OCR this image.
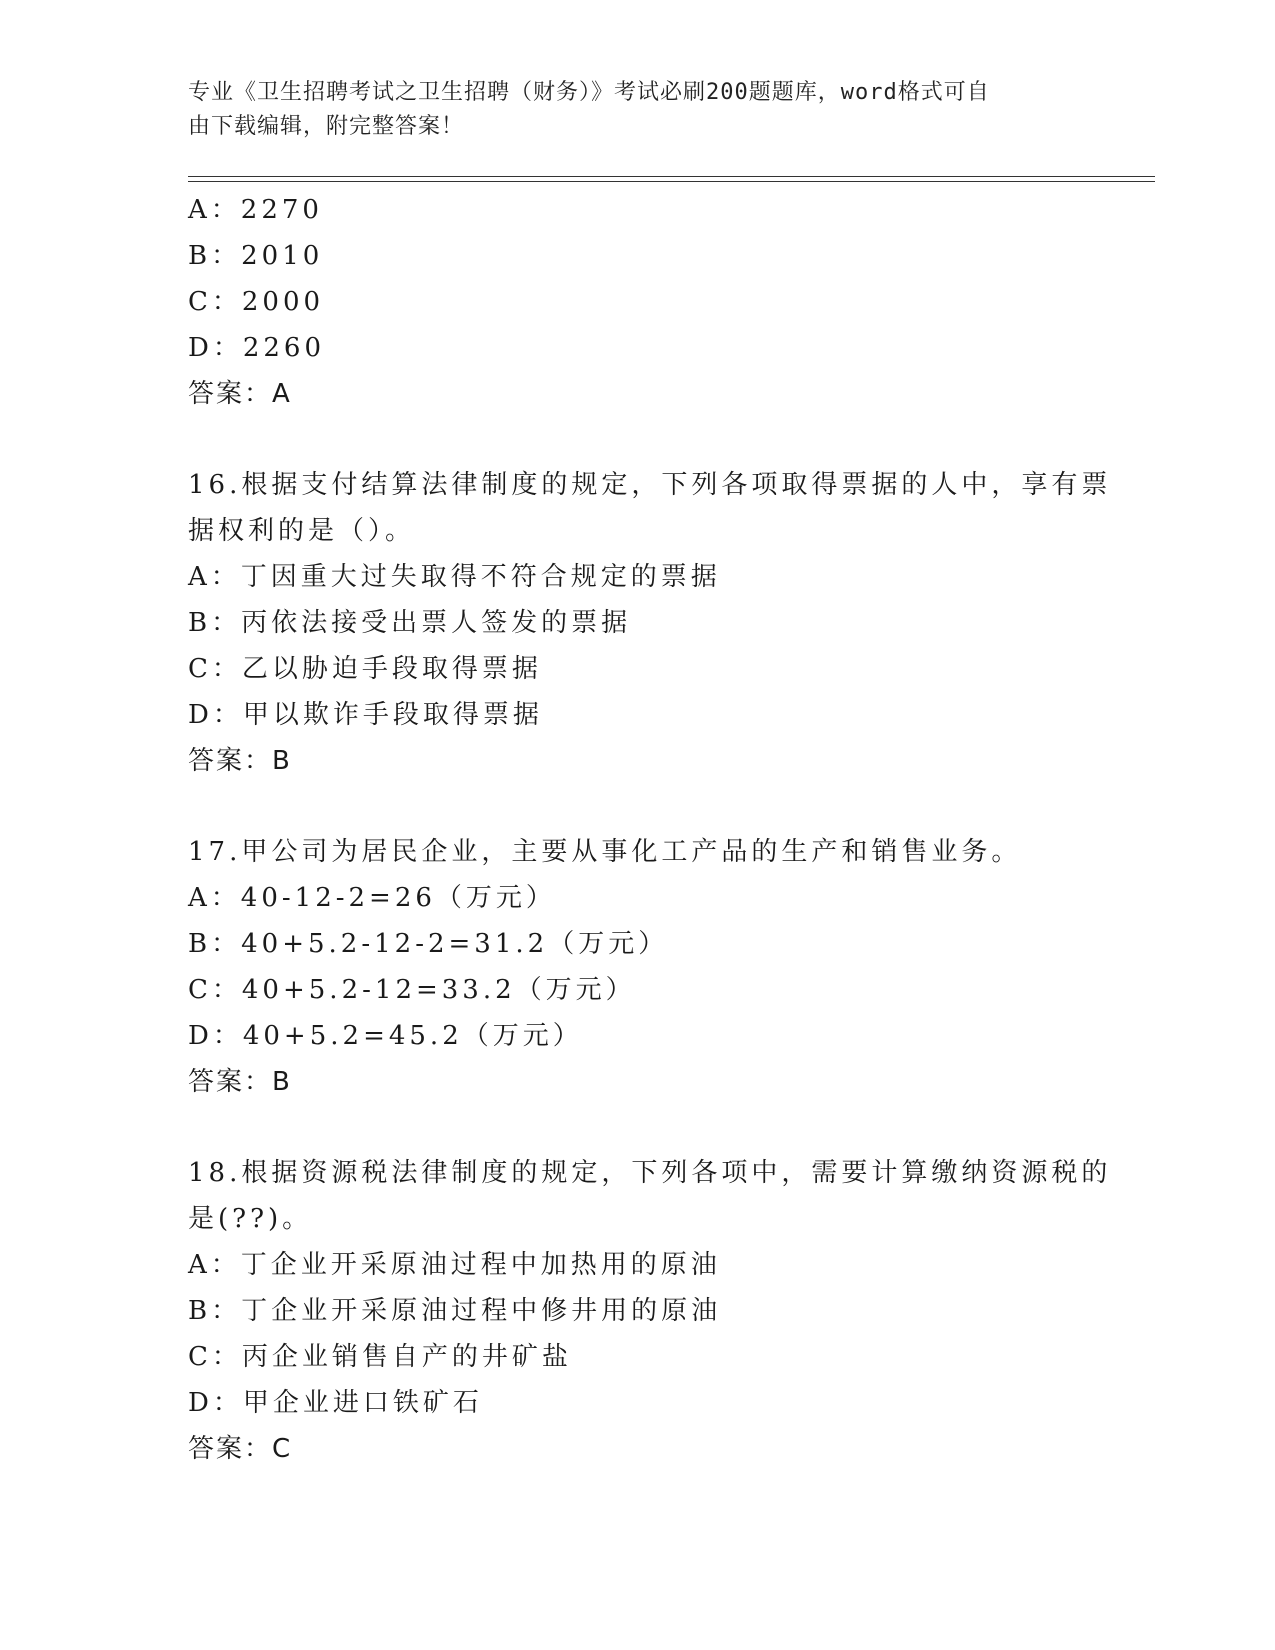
专业《卫生招聘考试之卫生招聘（财务）》考试必刷200题题库，word格式可自
由下载编辑，附完整答案！
A：2270
B：2010
C：2000
D：2260
答案：A
16.根据支付结算法律制度的规定，下列各项取得票据的人中，享有票
据权利的是（）。
A：丁因重大过失取得不符合规定的票据
B：丙依法接受出票人签发的票据
C：乙以胁迫手段取得票据
D：甲以欺诈手段取得票据
答案：B
17.甲公司为居民企业，主要从事化工产品的生产和销售业务。
A：40-12-2=26（万元）
B：40+5.2-12-2=31.2（万元）
C：40+5.2-12=33.2（万元）
D：40+5.2=45.2（万元）
答案：B
18.根据资源税法律制度的规定，下列各项中，需要计算缴纳资源税的
是(??)。
A：丁企业开采原油过程中加热用的原油
B：丁企业开采原油过程中修井用的原油
C：丙企业销售自产的井矿盐
D：甲企业进口铁矿石
答案：C
